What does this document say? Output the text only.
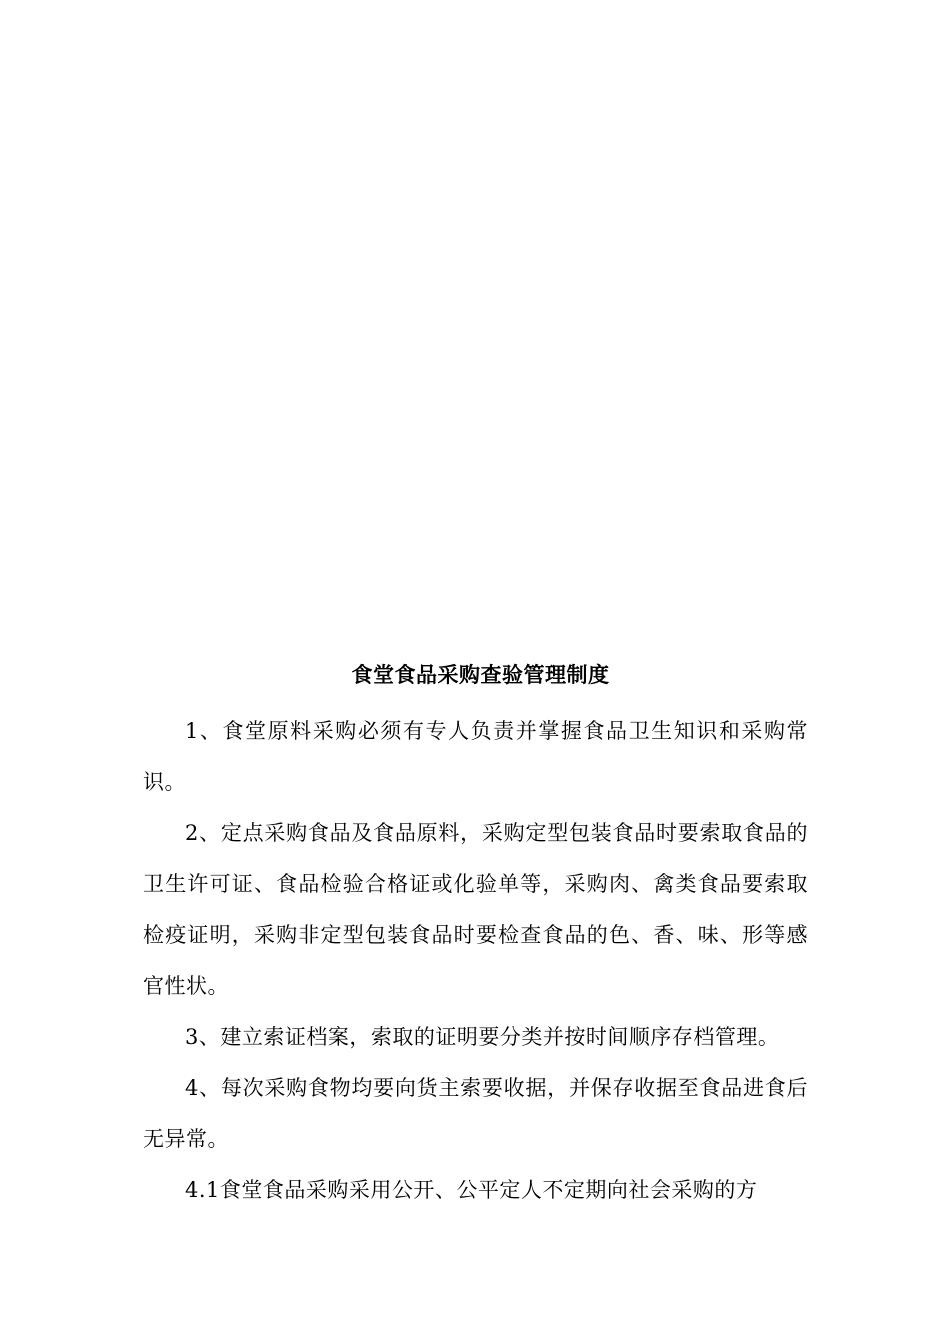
食堂食品采购查验管理制度

1、食堂原料采购必须有专人负责并掌握食品卫生知识和采购常识。

2、定点采购食品及食品原料，采购定型包装食品时要索取食品的卫生许可证、食品检验合格证或化验单等，采购肉、禽类食品要索取检疫证明，采购非定型包装食品时要检查食品的色、香、味、形等感官性状。

3、建立索证档案，索取的证明要分类并按时间顺序存档管理。

4、每次采购食物均要向货主索要收据，并保存收据至食品进食后无异常。

4.1食堂食品采购采用公开、公平定人不定期向社会采购的方
